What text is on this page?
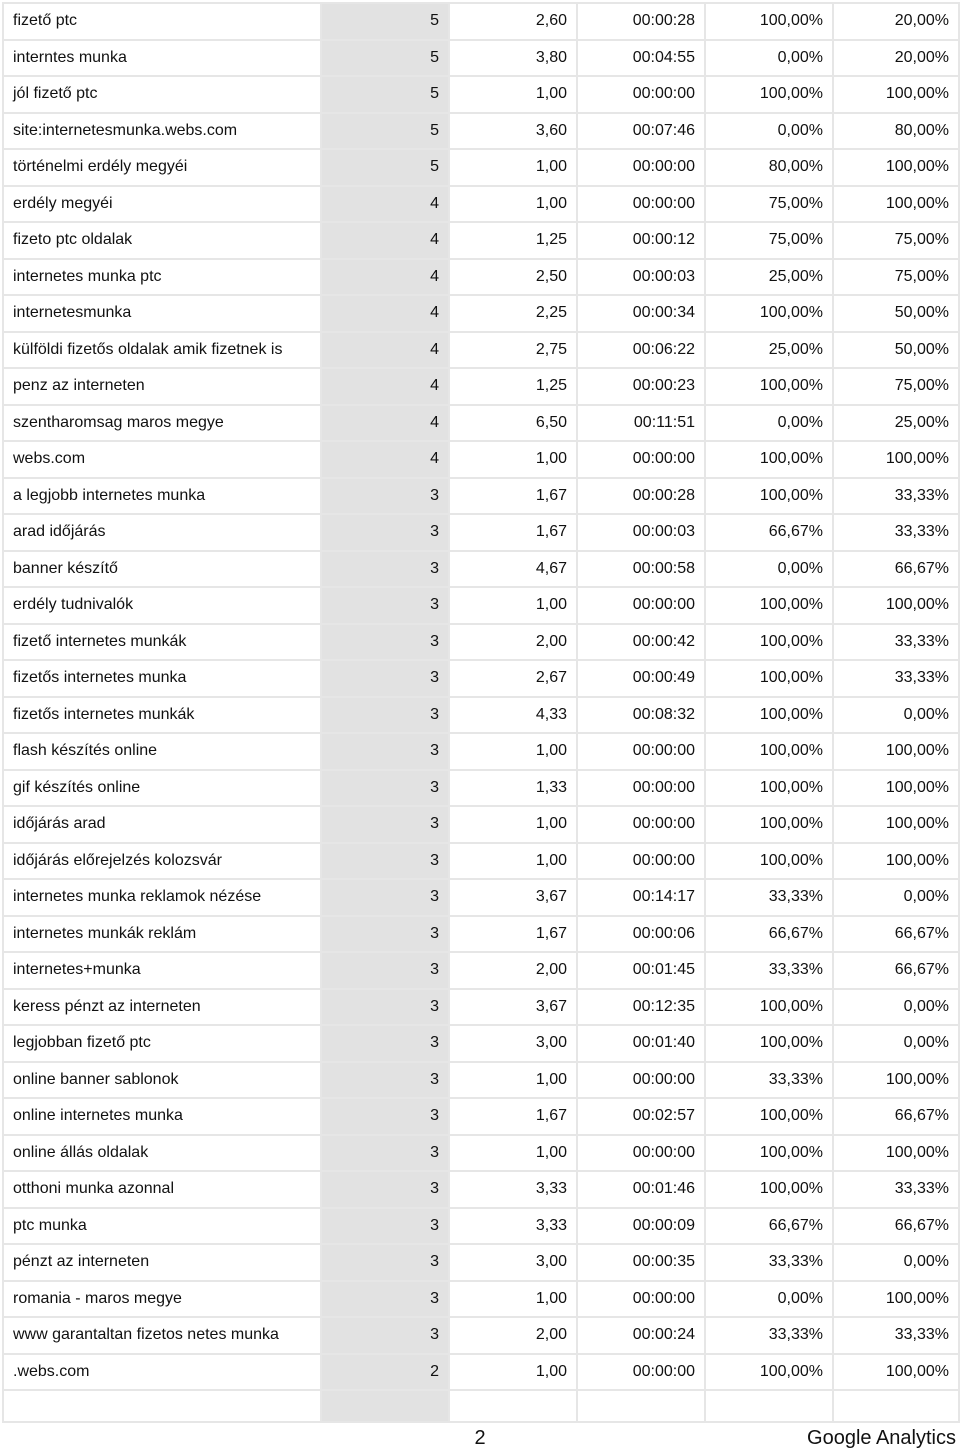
fizető ptc	5	2,60	00:00:28	100,00%	20,00%
interntes munka	5	3,80	00:04:55	0,00%	20,00%
jól fizető ptc	5	1,00	00:00:00	100,00%	100,00%
site:internetesmunka.webs.com	5	3,60	00:07:46	0,00%	80,00%
történelmi erdély megyéi	5	1,00	00:00:00	80,00%	100,00%
erdély megyéi	4	1,00	00:00:00	75,00%	100,00%
fizeto ptc oldalak	4	1,25	00:00:12	75,00%	75,00%
internetes munka ptc	4	2,50	00:00:03	25,00%	75,00%
internetesmunka	4	2,25	00:00:34	100,00%	50,00%
külföldi fizetős oldalak amik fizetnek is	4	2,75	00:06:22	25,00%	50,00%
penz az interneten	4	1,25	00:00:23	100,00%	75,00%
szentharomsag maros megye	4	6,50	00:11:51	0,00%	25,00%
webs.com	4	1,00	00:00:00	100,00%	100,00%
a legjobb internetes munka	3	1,67	00:00:28	100,00%	33,33%
arad időjárás	3	1,67	00:00:03	66,67%	33,33%
banner készítő	3	4,67	00:00:58	0,00%	66,67%
erdély tudnivalók	3	1,00	00:00:00	100,00%	100,00%
fizető internetes munkák	3	2,00	00:00:42	100,00%	33,33%
fizetős internetes munka	3	2,67	00:00:49	100,00%	33,33%
fizetős internetes munkák	3	4,33	00:08:32	100,00%	0,00%
flash készítés online	3	1,00	00:00:00	100,00%	100,00%
gif készítés online	3	1,33	00:00:00	100,00%	100,00%
időjárás arad	3	1,00	00:00:00	100,00%	100,00%
időjárás előrejelzés kolozsvár	3	1,00	00:00:00	100,00%	100,00%
internetes munka reklamok nézése	3	3,67	00:14:17	33,33%	0,00%
internetes munkák reklám	3	1,67	00:00:06	66,67%	66,67%
internetes+munka	3	2,00	00:01:45	33,33%	66,67%
keress pénzt az interneten	3	3,67	00:12:35	100,00%	0,00%
legjobban fizető ptc	3	3,00	00:01:40	100,00%	0,00%
online banner sablonok	3	1,00	00:00:00	33,33%	100,00%
online internetes munka	3	1,67	00:02:57	100,00%	66,67%
online állás oldalak	3	1,00	00:00:00	100,00%	100,00%
otthoni munka azonnal	3	3,33	00:01:46	100,00%	33,33%
ptc munka	3	3,33	00:00:09	66,67%	66,67%
pénzt az interneten	3	3,00	00:00:35	33,33%	0,00%
romania - maros megye	3	1,00	00:00:00	0,00%	100,00%
www garantaltan fizetos netes munka	3	2,00	00:00:24	33,33%	33,33%
.webs.com	2	1,00	00:00:00	100,00%	100,00%

2	Google Analytics
